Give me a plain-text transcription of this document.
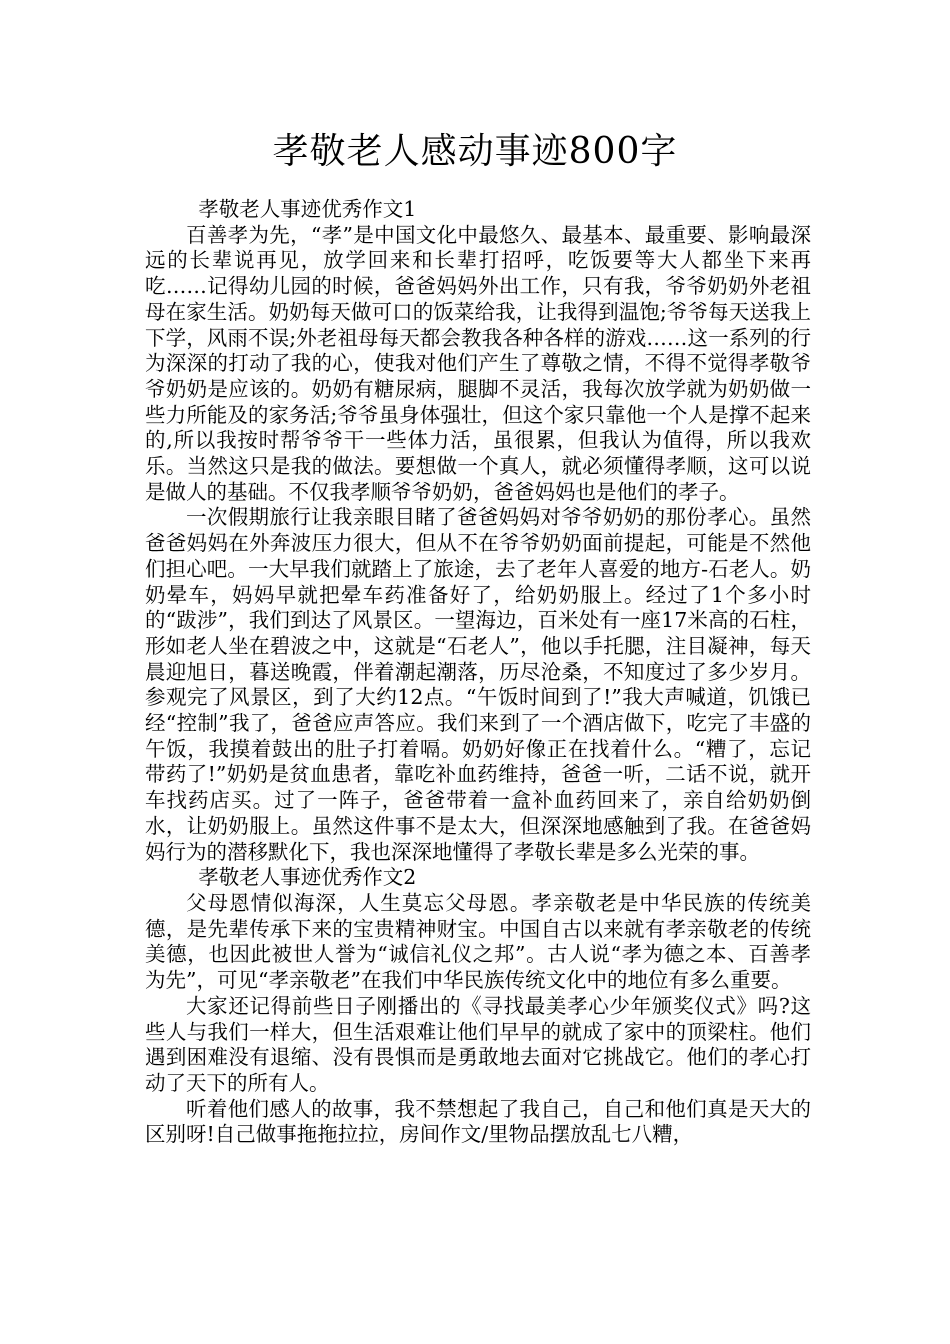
孝敬老人感动事迹800字

孝敬老人事迹优秀作文1

百善孝为先，“孝”是中国文化中最悠久、最基本、最重要、影响最深远的长辈说再见，放学回来和长辈打招呼，吃饭要等大人都坐下来再吃……记得幼儿园的时候，爸爸妈妈外出工作，只有我，爷爷奶奶外老祖母在家生活。奶奶每天做可口的饭菜给我，让我得到温饱;爷爷每天送我上下学，风雨不误;外老祖母每天都会教我各种各样的游戏……这一系列的行为深深的打动了我的心，使我对他们产生了尊敬之情，不得不觉得孝敬爷爷奶奶是应该的。奶奶有糖尿病，腿脚不灵活，我每次放学就为奶奶做一些力所能及的家务活;爷爷虽身体强壮，但这个家只靠他一个人是撑不起来的,所以我按时帮爷爷干一些体力活，虽很累，但我认为值得，所以我欢乐。当然这只是我的做法。要想做一个真人，就必须懂得孝顺，这可以说是做人的基础。不仅我孝顺爷爷奶奶，爸爸妈妈也是他们的孝子。

一次假期旅行让我亲眼目睹了爸爸妈妈对爷爷奶奶的那份孝心。虽然爸爸妈妈在外奔波压力很大，但从不在爷爷奶奶面前提起，可能是不然他们担心吧。一大早我们就踏上了旅途，去了老年人喜爱的地方-石老人。奶奶晕车，妈妈早就把晕车药准备好了，给奶奶服上。经过了1个多小时的“跋涉”，我们到达了风景区。一望海边，百米处有一座17米高的石柱，形如老人坐在碧波之中，这就是“石老人”，他以手托腮，注目凝神，每天晨迎旭日，暮送晚霞，伴着潮起潮落，历尽沧桑，不知度过了多少岁月。参观完了风景区，到了大约12点。“午饭时间到了!”我大声喊道，饥饿已经“控制”我了，爸爸应声答应。我们来到了一个酒店做下，吃完了丰盛的午饭，我摸着鼓出的肚子打着嗝。奶奶好像正在找着什么。“糟了，忘记带药了!”奶奶是贫血患者，靠吃补血药维持，爸爸一听，二话不说，就开车找药店买。过了一阵子，爸爸带着一盒补血药回来了，亲自给奶奶倒水，让奶奶服上。虽然这件事不是太大，但深深地感触到了我。在爸爸妈妈行为的潜移默化下，我也深深地懂得了孝敬长辈是多么光荣的事。

孝敬老人事迹优秀作文2

父母恩情似海深，人生莫忘父母恩。孝亲敬老是中华民族的传统美德，是先辈传承下来的宝贵精神财宝。中国自古以来就有孝亲敬老的传统美德，也因此被世人誉为“诚信礼仪之邦”。古人说“孝为德之本、百善孝为先”，可见“孝亲敬老”在我们中华民族传统文化中的地位有多么重要。

大家还记得前些日子刚播出的《寻找最美孝心少年颁奖仪式》吗?这些人与我们一样大，但生活艰难让他们早早的就成了家中的顶梁柱。他们遇到困难没有退缩、没有畏惧而是勇敢地去面对它挑战它。他们的孝心打动了天下的所有人。

听着他们感人的故事，我不禁想起了我自己，自己和他们真是天大的区别呀!自己做事拖拖拉拉，房间作文/里物品摆放乱七八糟，
